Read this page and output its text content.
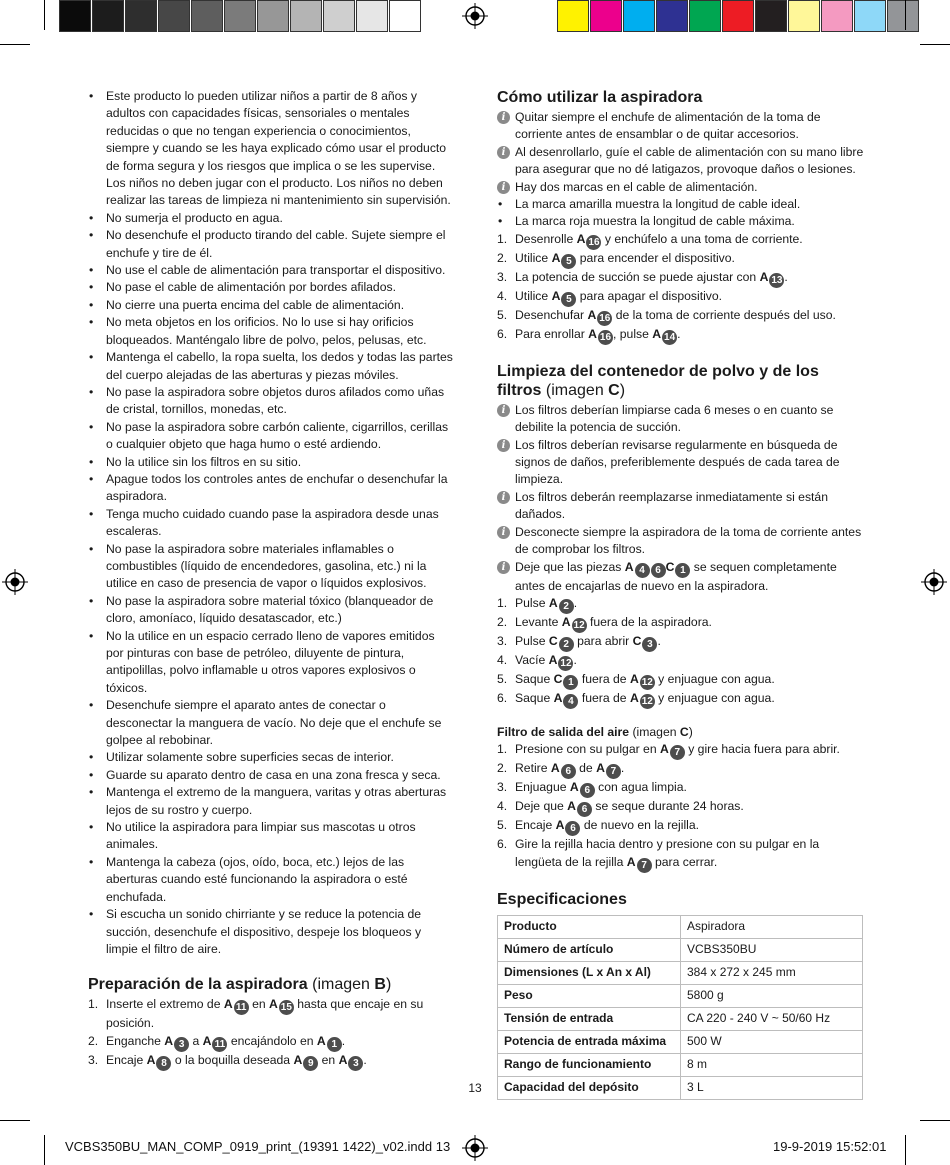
• Este producto lo pueden utilizar niños a partir de 8 años y adultos con capacidades físicas, sensoriales o mentales reducidas o que no tengan experiencia o conocimientos, siempre y cuando se les haya explicado cómo usar el producto de forma segura y los riesgos que implica o se les supervise. Los niños no deben jugar con el producto. Los niños no deben realizar las tareas de limpieza ni mantenimiento sin supervisión.
• No sumerja el producto en agua.
• No desenchufe el producto tirando del cable. Sujete siempre el enchufe y tire de él.
• No use el cable de alimentación para transportar el dispositivo.
• No pase el cable de alimentación por bordes afilados.
• No cierre una puerta encima del cable de alimentación.
• No meta objetos en los orificios. No lo use si hay orificios bloqueados. Manténgalo libre de polvo, pelos, pelusas, etc.
• Mantenga el cabello, la ropa suelta, los dedos y todas las partes del cuerpo alejadas de las aberturas y piezas móviles.
• No pase la aspiradora sobre objetos duros afilados como uñas de cristal, tornillos, monedas, etc.
• No pase la aspiradora sobre carbón caliente, cigarrillos, cerillas o cualquier objeto que haga humo o esté ardiendo.
• No la utilice sin los filtros en su sitio.
• Apague todos los controles antes de enchufar o desenchufar la aspiradora.
• Tenga mucho cuidado cuando pase la aspiradora desde unas escaleras.
• No pase la aspiradora sobre materiales inflamables o combustibles (líquido de encendedores, gasolina, etc.) ni la utilice en caso de presencia de vapor o líquidos explosivos.
• No pase la aspiradora sobre material tóxico (blanqueador de cloro, amoníaco, líquido desatascador, etc.)
• No la utilice en un espacio cerrado lleno de vapores emitidos por pinturas con base de petróleo, diluyente de pintura, antipolillas, polvo inflamable u otros vapores explosivos o tóxicos.
• Desenchufe siempre el aparato antes de conectar o desconectar la manguera de vacío. No deje que el enchufe se golpee al rebobinar.
• Utilizar solamente sobre superficies secas de interior.
• Guarde su aparato dentro de casa en una zona fresca y seca.
• Mantenga el extremo de la manguera, varitas y otras aberturas lejos de su rostro y cuerpo.
• No utilice la aspiradora para limpiar sus mascotas u otros animales.
• Mantenga la cabeza (ojos, oído, boca, etc.) lejos de las aberturas cuando esté funcionando la aspiradora o esté enchufada.
• Si escucha un sonido chirriante y se reduce la potencia de succión, desenchufe el dispositivo, despeje los bloqueos y limpie el filtro de aire.
Preparación de la aspiradora (imagen B)
1. Inserte el extremo de A 11 en A 15 hasta que encaje en su posición.
2. Enganche A 3 a A 11 encajándolo en A 1 .
3. Encaje A 8 o la boquilla deseada A 9 en A 3 .
Cómo utilizar la aspiradora
i Quitar siempre el enchufe de alimentación de la toma de corriente antes de ensamblar o de quitar accesorios.
i Al desenrollarlo, guíe el cable de alimentación con su mano libre para asegurar que no dé latigazos, provoque daños o lesiones.
i Hay dos marcas en el cable de alimentación.
• La marca amarilla muestra la longitud de cable ideal.
• La marca roja muestra la longitud de cable máxima.
1. Desenrolle A 16 y enchúfelo a una toma de corriente.
2. Utilice A 5 para encender el dispositivo.
3. La potencia de succión se puede ajustar con A 13 .
4. Utilice A 5 para apagar el dispositivo.
5. Desenchufar A 16 de la toma de corriente después del uso.
6. Para enrollar A 16 , pulse A 14 .
Limpieza del contenedor de polvo y de los filtros (imagen C)
i Los filtros deberían limpiarse cada 6 meses o en cuanto se debilite la potencia de succión.
i Los filtros deberían revisarse regularmente en búsqueda de signos de daños, preferiblemente después de cada tarea de limpieza.
i Los filtros deberán reemplazarse inmediatamente si están dañados.
i Desconecte siempre la aspiradora de la toma de corriente antes de comprobar los filtros.
i Deje que las piezas A 4 6 C 1 se sequen completamente antes de encajarlas de nuevo en la aspiradora.
1. Pulse A 2 .
2. Levante A 12 fuera de la aspiradora.
3. Pulse C 2 para abrir C 3 .
4. Vacíe A 12 .
5. Saque C 1 fuera de A 12 y enjuague con agua.
6. Saque A 4 fuera de A 12 y enjuague con agua.
Filtro de salida del aire (imagen C)
1. Presione con su pulgar en A 7 y gire hacia fuera para abrir.
2. Retire A 6 de A 7 .
3. Enjuague A 6 con agua limpia.
4. Deje que A 6 se seque durante 24 horas.
5. Encaje A 6 de nuevo en la rejilla.
6. Gire la rejilla hacia dentro y presione con su pulgar en la lengüeta de la rejilla A 7 para cerrar.
Especificaciones
Producto	Aspiradora
Número de artículo	VCBS350BU
Dimensiones (L x An x Al)	384 x 272 x 245 mm
Peso	5800 g
Tensión de entrada	CA 220 - 240 V ~ 50/60 Hz
Potencia de entrada máxima	500 W
Rango de funcionamiento	8 m
Capacidad del depósito	3 L
13
VCBS350BU_MAN_COMP_0919_print_(19391 1422)_v02.indd 13	19-9-2019 15:52:01
